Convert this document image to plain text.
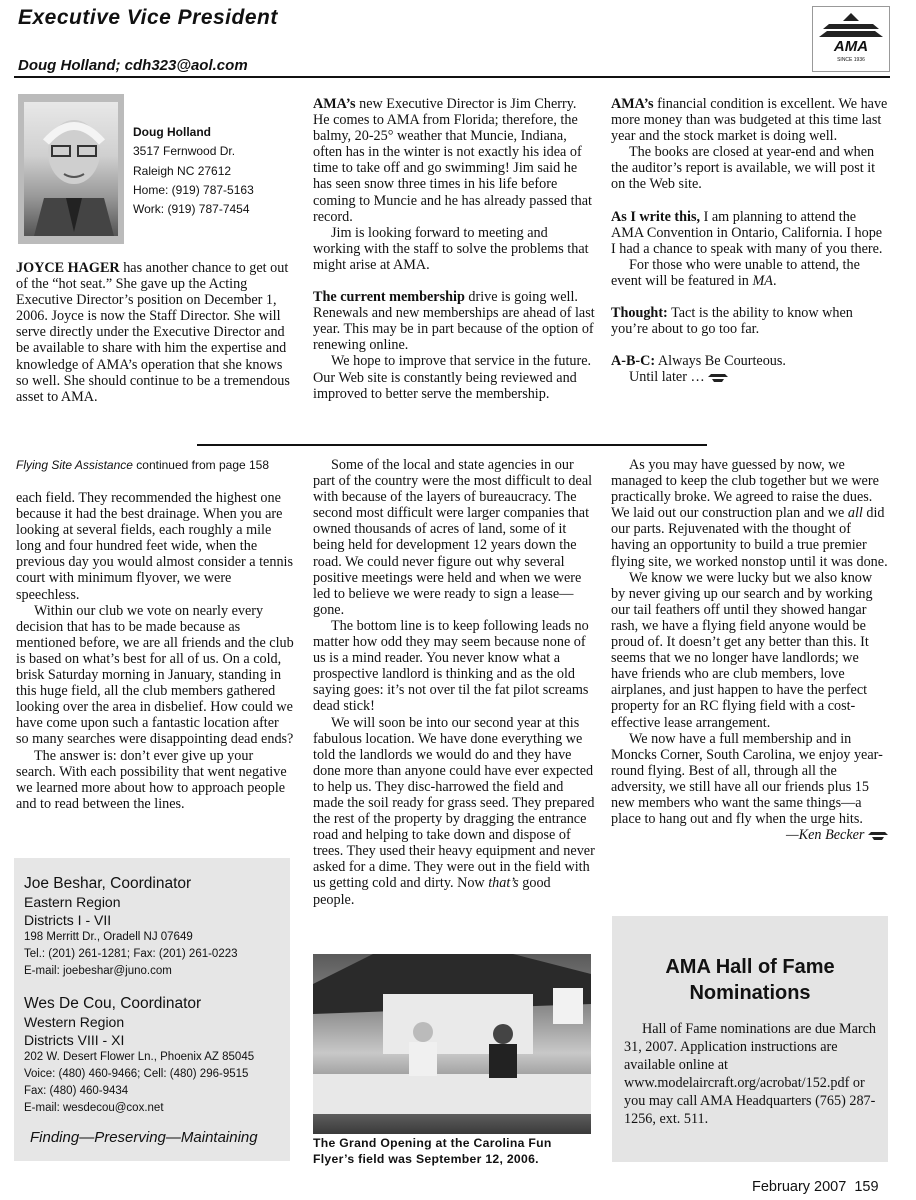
Executive Vice President
Doug Holland; cdh323@aol.com
AMA
SINCE 1936
Doug Holland
3517 Fernwood Dr.
Raleigh NC 27612
Home: (919) 787-5163
Work: (919) 787-7454

JOYCE HAGER has another chance to get out of the “hot seat.” She gave up the Acting Executive Director’s position on December 1, 2006. Joyce is now the Staff Director. She will serve directly under the Executive Director and be available to share with him the expertise and knowledge of AMA’s operation that she knows so well. She should continue to be a tremendous asset to AMA.

AMA’s new Executive Director is Jim Cherry. He comes to AMA from Florida; therefore, the balmy, 20-25° weather that Muncie, Indiana, often has in the winter is not exactly his idea of time to take off and go swimming! Jim said he has seen snow three times in his life before coming to Muncie and he has already passed that record.

Jim is looking forward to meeting and working with the staff to solve the problems that might arise at AMA.

The current membership drive is going well. Renewals and new memberships are ahead of last year. This may be in part because of the option of renewing online.

We hope to improve that service in the future. Our Web site is constantly being reviewed and improved to better serve the membership.

AMA’s financial condition is excellent. We have more money than was budgeted at this time last year and the stock market is doing well.

The books are closed at year-end and when the auditor’s report is available, we will post it on the Web site.

As I write this, I am planning to attend the AMA Convention in Ontario, California. I hope I had a chance to speak with many of you there.

For those who were unable to attend, the event will be featured in MA.

Thought: Tact is the ability to know when you’re about to go too far.

A-B-C: Always Be Courteous.

Until later …

Flying Site Assistance continued from page 158

each field. They recommended the highest one because it had the best drainage. When you are looking at several fields, each roughly a mile long and four hundred feet wide, when the previous day you would almost consider a tennis court with minimum flyover, we were speechless.

Within our club we vote on nearly every decision that has to be made because as mentioned before, we are all friends and the club is based on what’s best for all of us. On a cold, brisk Saturday morning in January, standing in this huge field, all the club members gathered looking over the area in disbelief. How could we have come upon such a fantastic location after so many searches were disappointing dead ends?

The answer is: don’t ever give up your search. With each possibility that went negative we learned more about how to approach people and to read between the lines.

Some of the local and state agencies in our part of the country were the most difficult to deal with because of the layers of bureaucracy. The second most difficult were larger companies that owned thousands of acres of land, some of it being held for development 12 years down the road. We could never figure out why several positive meetings were held and when we were led to believe we were ready to sign a lease—gone.

The bottom line is to keep following leads no matter how odd they may seem because none of us is a mind reader. You never know what a prospective landlord is thinking and as the old saying goes: it’s not over til the fat pilot screams dead stick!

We will soon be into our second year at this fabulous location. We have done everything we told the landlords we would do and they have done more than anyone could have ever expected to help us. They disc-harrowed the field and made the soil ready for grass seed. They prepared the rest of the property by dragging the entrance road and helping to take down and dispose of trees. They used their heavy equipment and never asked for a dime. They were out in the field with us getting cold and dirty. Now that’s good people.

As you may have guessed by now, we managed to keep the club together but we were practically broke. We agreed to raise the dues. We laid out our construction plan and we all did our parts. Rejuvenated with the thought of having an opportunity to build a true premier flying site, we worked nonstop until it was done.

We know we were lucky but we also know by never giving up our search and by working our tail feathers off until they showed hangar rash, we have a flying field anyone would be proud of. It doesn’t get any better than this. It seems that we no longer have landlords; we have friends who are club members, love airplanes, and just happen to have the perfect property for an RC flying field with a cost-effective lease arrangement.

We now have a full membership and in Moncks Corner, South Carolina, we enjoy year-round flying. Best of all, through all the adversity, we still have all our friends plus 15 new members who want the same things—a place to hang out and fly when the urge hits.

—Ken Becker

Joe Beshar, Coordinator
Eastern Region
Districts I - VII
198 Merritt Dr., Oradell NJ 07649
Tel.: (201) 261-1281; Fax: (201) 261-0223
E-mail: joebeshar@juno.com
Wes De Cou, Coordinator
Western Region
Districts VIII - XI
202 W. Desert Flower Ln., Phoenix AZ 85045
Voice: (480) 460-9466; Cell: (480) 296-9515
Fax: (480) 460-9434
E-mail: wesdecou@cox.net
Finding—Preserving—Maintaining	The Grand Opening at the Carolina Fun Flyer’s field was September 12, 2006.
AMA Hall of Fame Nominations
Hall of Fame nominations are due March 31, 2007. Application instructions are available online at www.modelaircraft.org/acrobat/152.pdf or you may call AMA Headquarters (765) 287-1256, ext. 511.
February 2007  159
